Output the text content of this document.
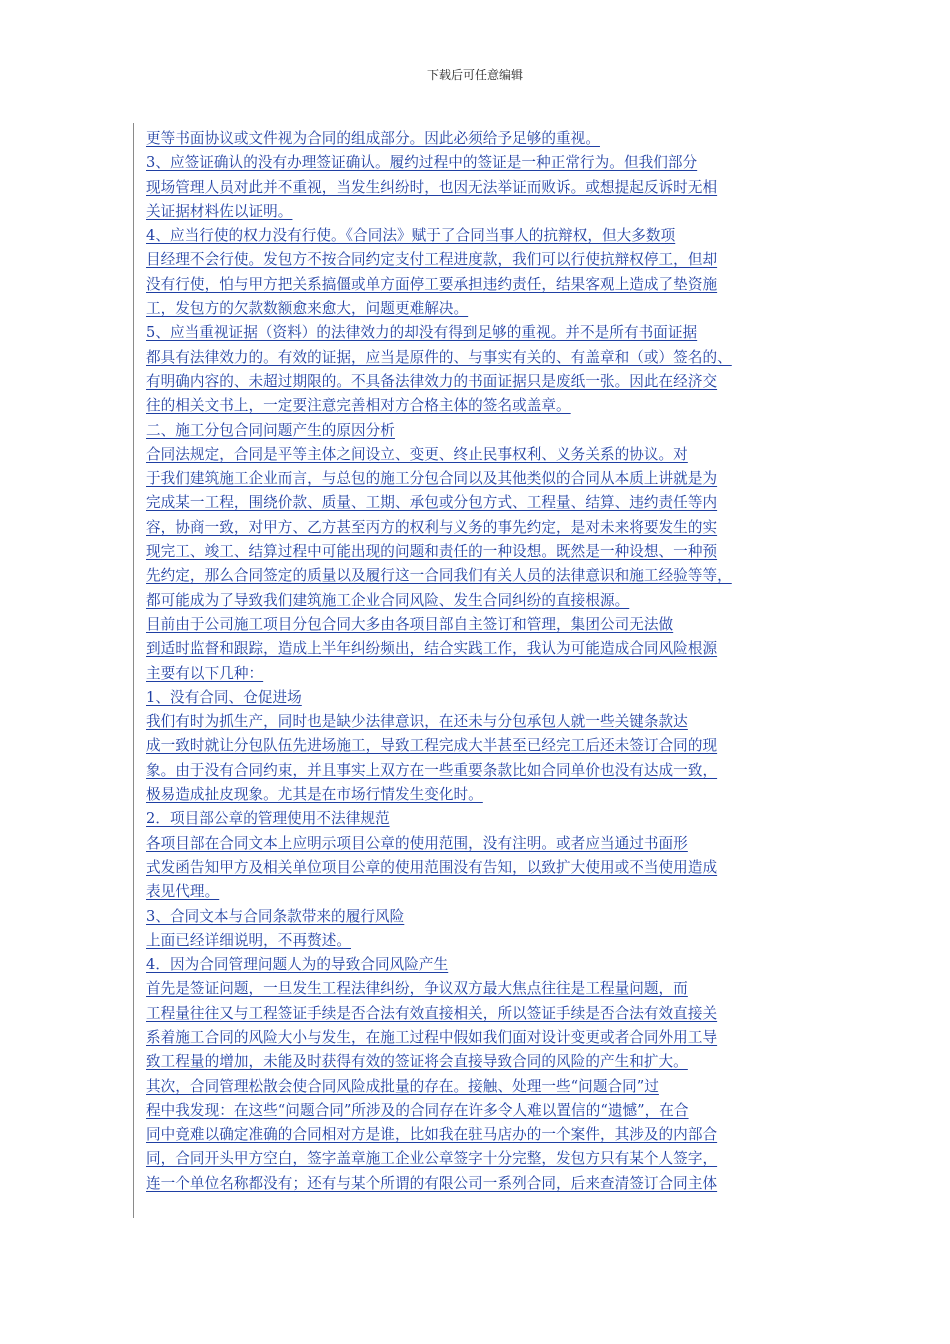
下载后可任意编辑
更等书面协议或文件视为合同的组成部分。因此必须给予足够的重视。
3、应签证确认的没有办理签证确认。履约过程中的签证是一种正常行为。但我们部分
现场管理人员对此并不重视，当发生纠纷时，也因无法举证而败诉。或想提起反诉时无相
关证据材料佐以证明。
4、应当行使的权力没有行使。《合同法》赋于了合同当事人的抗辩权，但大多数项
目经理不会行使。发包方不按合同约定支付工程进度款，我们可以行使抗辩权停工，但却
没有行使，怕与甲方把关系搞僵或单方面停工要承担违约责任，结果客观上造成了垫资施
工，发包方的欠款数额愈来愈大，问题更难解决。
5、应当重视证据（资料）的法律效力的却没有得到足够的重视。并不是所有书面证据
都具有法律效力的。有效的证据，应当是原件的、与事实有关的、有盖章和（或）签名的、
有明确内容的、未超过期限的。不具备法律效力的书面证据只是废纸一张。因此在经济交
往的相关文书上，一定要注意完善相对方合格主体的签名或盖章。
二、施工分包合同问题产生的原因分析
合同法规定，合同是平等主体之间设立、变更、终止民事权利、义务关系的协议。对
于我们建筑施工企业而言，与总包的施工分包合同以及其他类似的合同从本质上讲就是为
完成某一工程，围绕价款、质量、工期、承包或分包方式、工程量、结算、违约责任等内
容，协商一致，对甲方、乙方甚至丙方的权利与义务的事先约定，是对未来将要发生的实
现完工、竣工、结算过程中可能出现的问题和责任的一种设想。既然是一种设想、一种预
先约定，那么合同签定的质量以及履行这一合同我们有关人员的法律意识和施工经验等等，
都可能成为了导致我们建筑施工企业合同风险、发生合同纠纷的直接根源。
目前由于公司施工项目分包合同大多由各项目部自主签订和管理，集团公司无法做
到适时监督和跟踪，造成上半年纠纷频出，结合实践工作，我认为可能造成合同风险根源
主要有以下几种：
1、没有合同、仓促进场
我们有时为抓生产，同时也是缺少法律意识，在还未与分包承包人就一些关键条款达
成一致时就让分包队伍先进场施工，导致工程完成大半甚至已经完工后还未签订合同的现
象。由于没有合同约束，并且事实上双方在一些重要条款比如合同单价也没有达成一致，
极易造成扯皮现象。尤其是在市场行情发生变化时。
2．项目部公章的管理使用不法律规范
各项目部在合同文本上应明示项目公章的使用范围，没有注明。或者应当通过书面形
式发函告知甲方及相关单位项目公章的使用范围没有告知，以致扩大使用或不当使用造成
表见代理。
3、合同文本与合同条款带来的履行风险
上面已经详细说明，不再赘述。
4．因为合同管理问题人为的导致合同风险产生
首先是签证问题，一旦发生工程法律纠纷，争议双方最大焦点往往是工程量问题，而
工程量往往又与工程签证手续是否合法有效直接相关，所以签证手续是否合法有效直接关
系着施工合同的风险大小与发生，在施工过程中假如我们面对设计变更或者合同外用工导
致工程量的增加，未能及时获得有效的签证将会直接导致合同的风险的产生和扩大。
其次，合同管理松散会使合同风险成批量的存在。接触、处理一些“问题合同”过
程中我发现：在这些“问题合同”所涉及的合同存在许多令人难以置信的“遗憾”，在合
同中竟难以确定准确的合同相对方是谁，比如我在驻马店办的一个案件，其涉及的内部合
同，合同开头甲方空白，签字盖章施工企业公章签字十分完整，发包方只有某个人签字，
连一个单位名称都没有；还有与某个所谓的有限公司一系列合同，后来查清签订合同主体
